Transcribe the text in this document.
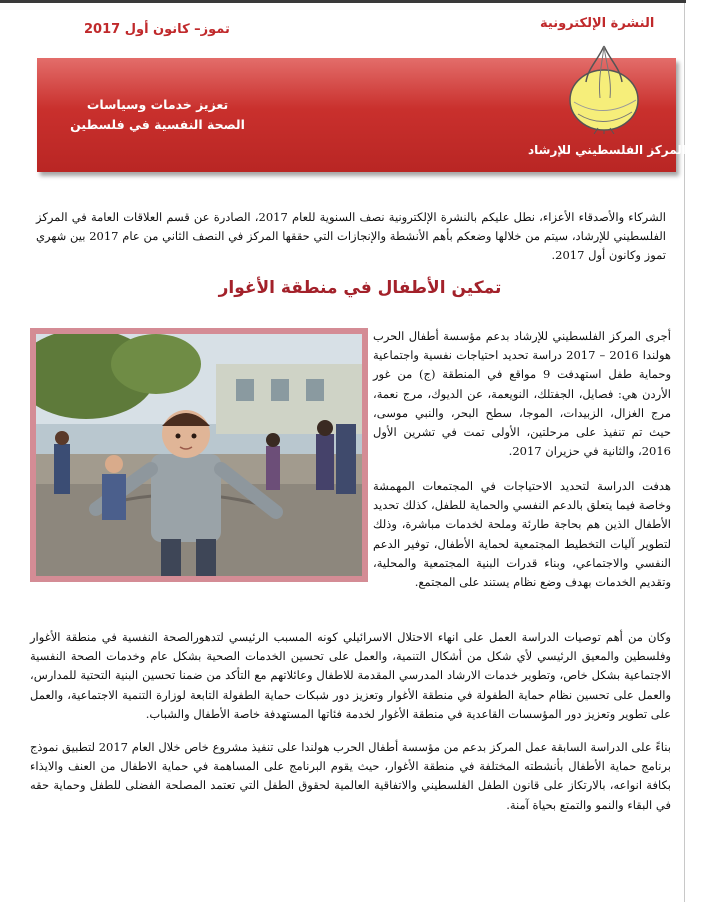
تموز– كانون أول 2017	النشرة الإلكترونية
تعزيز خدمات وسياسات الصحة النفسية في فلسطين
المركز الفلسطيني للإرشاد
الشركاء والأصدقاء الأعزاء، نطل عليكم بالنشرة الإلكترونية نصف السنوية للعام 2017، الصادرة عن قسم العلاقات العامة في المركز الفلسطيني للإرشاد، سيتم من خلالها وضعكم بأهم الأنشطة والإنجازات التي حققها المركز في النصف الثاني من عام 2017 بين شهري تموز وكانون أول 2017.
تمكين الأطفال في منطقة الأغوار
أجرى المركز الفلسطيني للإرشاد بدعم مؤسسة أطفال الحرب هولندا 2016 – 2017 دراسة تحديد احتياجات نفسية واجتماعية وحماية طفل استهدفت 9 مواقع في المنطقة (ج) من غور الأردن هي: فصايل، الجفتلك، النويعمة، عن الديوك، مرج نعمة، مرج الغزال، الزبيدات، الموجا، سطح البحر، والنبي موسى، حيث تم تنفيذ على مرحلتين، الأولى تمت في تشرين الأول 2016، والثانية في حزيران 2017.
هدفت الدراسة لتحديد الاحتياجات في المجتمعات المهمشة وخاصة فيما يتعلق بالدعم النفسي والحماية للطفل، كذلك تحديد الأطفال الذين هم بحاجة طارئة وملحة لخدمات مباشرة، وذلك لتطوير آليات التخطيط المجتمعية لحماية الأطفال، توفير الدعم النفسي والاجتماعي، وبناء قدرات البنية المجتمعية والمحلية، وتقديم الخدمات بهدف وضع نظام يستند على المجتمع.
وكان من أهم توصيات الدراسة العمل على انهاء الاحتلال الاسرائيلي كونه المسبب الرئيسي لتدهورالصحة النفسية في منطقة الأغوار وفلسطين والمعيق الرئيسي لأي شكل من أشكال التنمية، والعمل على تحسين الخدمات الصحية بشكل عام وخدمات الصحة النفسية الاجتماعية بشكل خاص، وتطوير خدمات الارشاد المدرسي المقدمة للاطفال وعائلاتهم مع التأكد من ضمنا تحسين البنية التحتية للمدارس، والعمل على تحسين نظام حماية الطفولة في منطقة الأغوار وتعزيز دور شبكات حماية الطفولة التابعة لوزارة التنمية الاجتماعية، والعمل على تطوير وتعزيز دور المؤسسات القاعدية في منطقة الأغوار لخدمة فئاتها المستهدفة خاصة الأطفال والشباب.
بناءً على الدراسة السابقة عمل المركز بدعم من مؤسسة أطفال الحرب هولندا على تنفيذ مشروع خاص خلال العام 2017 لتطبيق نموذج برنامج حماية الأطفال بأنشطته المختلفة في منطقة الأغوار، حيث يقوم البرنامج على المساهمة في حماية الاطفال من العنف والايذاء بكافة انواعه، بالارتكاز على قانون الطفل الفلسطيني والاتفاقية العالمية لحقوق الطفل التي تعتمد المصلحة الفضلى للطفل وحماية حقه في البقاء والنمو والتمتع بحياة آمنة.
